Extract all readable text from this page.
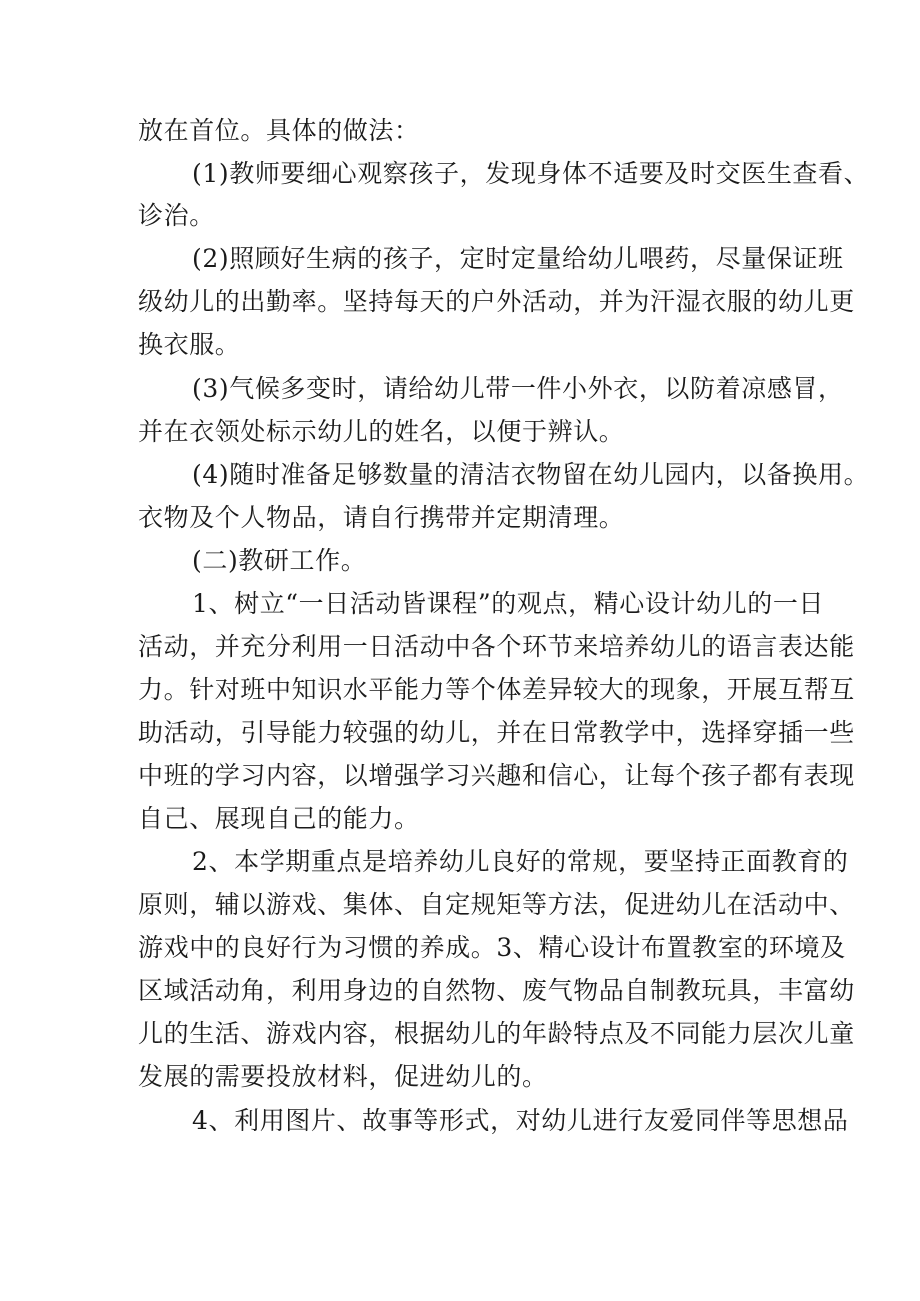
放在首位。具体的做法：
(1)教师要细心观察孩子，发现身体不适要及时交医生查看、
诊治。
(2)照顾好生病的孩子，定时定量给幼儿喂药，尽量保证班
级幼儿的出勤率。坚持每天的户外活动，并为汗湿衣服的幼儿更
换衣服。
(3)气候多变时，请给幼儿带一件小外衣，以防着凉感冒，
并在衣领处标示幼儿的姓名，以便于辨认。
(4)随时准备足够数量的清洁衣物留在幼儿园内，以备换用。
衣物及个人物品，请自行携带并定期清理。
(二)教研工作。
1、树立“一日活动皆课程”的观点，精心设计幼儿的一日
活动，并充分利用一日活动中各个环节来培养幼儿的语言表达能
力。针对班中知识水平能力等个体差异较大的现象，开展互帮互
助活动，引导能力较强的幼儿，并在日常教学中，选择穿插一些
中班的学习内容，以增强学习兴趣和信心，让每个孩子都有表现
自己、展现自己的能力。
2、本学期重点是培养幼儿良好的常规，要坚持正面教育的
原则，辅以游戏、集体、自定规矩等方法，促进幼儿在活动中、
游戏中的良好行为习惯的养成。3、精心设计布置教室的环境及
区域活动角，利用身边的自然物、废气物品自制教玩具，丰富幼
儿的生活、游戏内容，根据幼儿的年龄特点及不同能力层次儿童
发展的需要投放材料，促进幼儿的。
4、利用图片、故事等形式，对幼儿进行友爱同伴等思想品
